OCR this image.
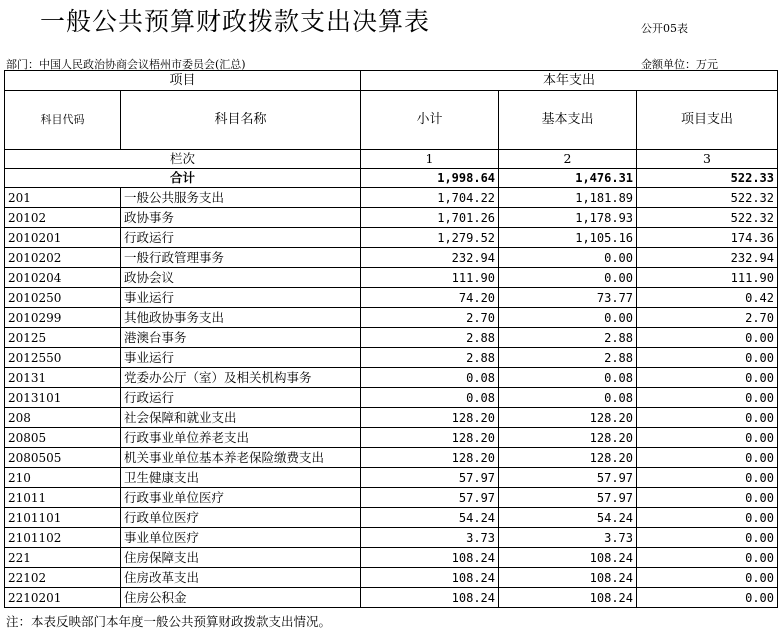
一般公共预算财政拨款支出决算表	公开05表
部门：中国人民政治协商会议梧州市委员会(汇总)	金额单位：万元
项目		本年支出		
科目代码	科目名称	小计	基本支出	项目支出
栏次		1	2	3
合计		1,998.64	1,476.31	522.33
201	一般公共服务支出	1,704.22	1,181.89	522.32
20102	政协事务	1,701.26	1,178.93	522.32
2010201	行政运行	1,279.52	1,105.16	174.36
2010202	一般行政管理事务	232.94	0.00	232.94
2010204	政协会议	111.90	0.00	111.90
2010250	事业运行	74.20	73.77	0.42
2010299	其他政协事务支出	2.70	0.00	2.70
20125	港澳台事务	2.88	2.88	0.00
2012550	事业运行	2.88	2.88	0.00
20131	党委办公厅（室）及相关机构事务	0.08	0.08	0.00
2013101	行政运行	0.08	0.08	0.00
208	社会保障和就业支出	128.20	128.20	0.00
20805	行政事业单位养老支出	128.20	128.20	0.00
2080505	机关事业单位基本养老保险缴费支出	128.20	128.20	0.00
210	卫生健康支出	57.97	57.97	0.00
21011	行政事业单位医疗	57.97	57.97	0.00
2101101	行政单位医疗	54.24	54.24	0.00
2101102	事业单位医疗	3.73	3.73	0.00
221	住房保障支出	108.24	108.24	0.00
22102	住房改革支出	108.24	108.24	0.00
2210201	住房公积金	108.24	108.24	0.00
注：本表反映部门本年度一般公共预算财政拨款支出情况。
